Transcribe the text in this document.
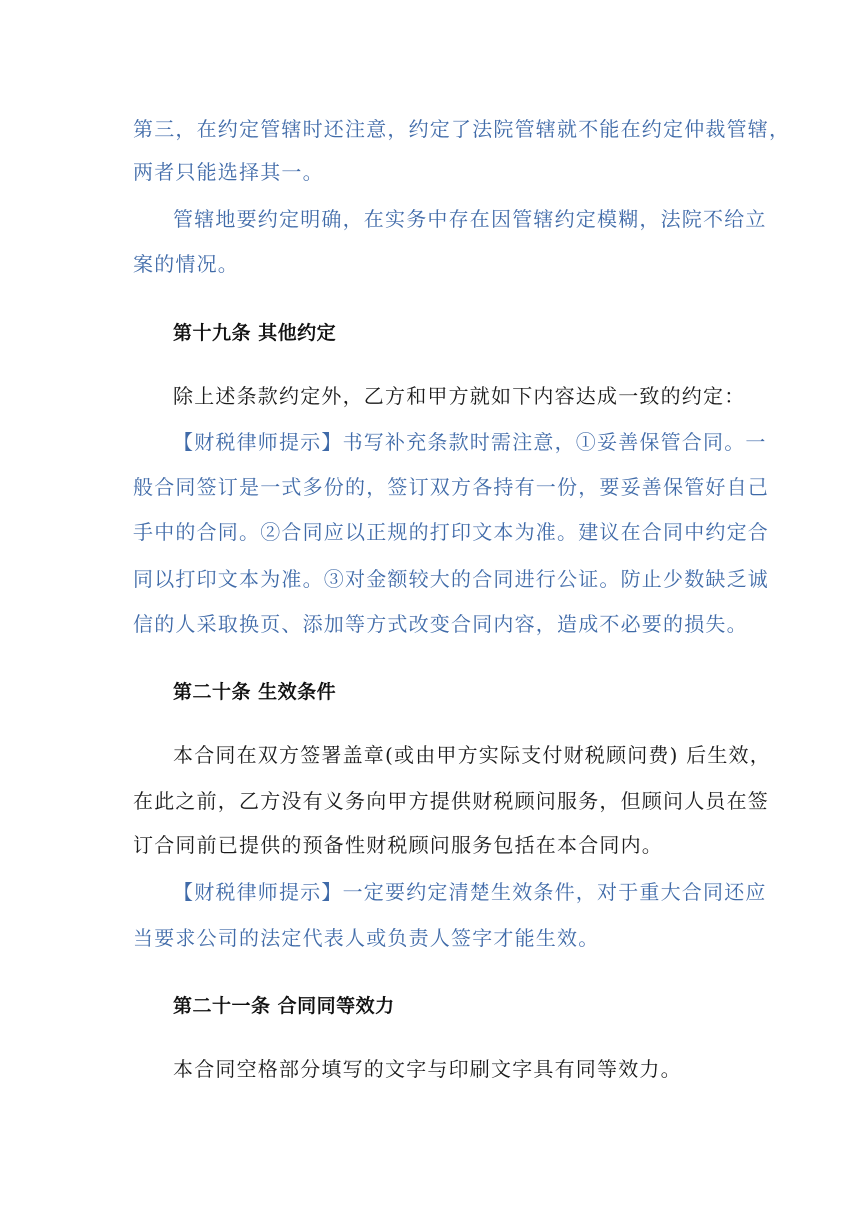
第三，在约定管辖时还注意，约定了法院管辖就不能在约定仲裁管辖，
两者只能选择其一。
管辖地要约定明确，在实务中存在因管辖约定模糊，法院不给立
案的情况。
第十九条 其他约定
除上述条款约定外，乙方和甲方就如下内容达成一致的约定：
【财税律师提示】书写补充条款时需注意，①妥善保管合同。一
般合同签订是一式多份的，签订双方各持有一份，要妥善保管好自己
手中的合同。②合同应以正规的打印文本为准。建议在合同中约定合
同以打印文本为准。③对金额较大的合同进行公证。防止少数缺乏诚
信的人采取换页、添加等方式改变合同内容，造成不必要的损失。
第二十条 生效条件
本合同在双方签署盖章(或由甲方实际支付财税顾问费) 后生效，
在此之前，乙方没有义务向甲方提供财税顾问服务，但顾问人员在签
订合同前已提供的预备性财税顾问服务包括在本合同内。
【财税律师提示】一定要约定清楚生效条件，对于重大合同还应
当要求公司的法定代表人或负责人签字才能生效。
第二十一条 合同同等效力
本合同空格部分填写的文字与印刷文字具有同等效力。
